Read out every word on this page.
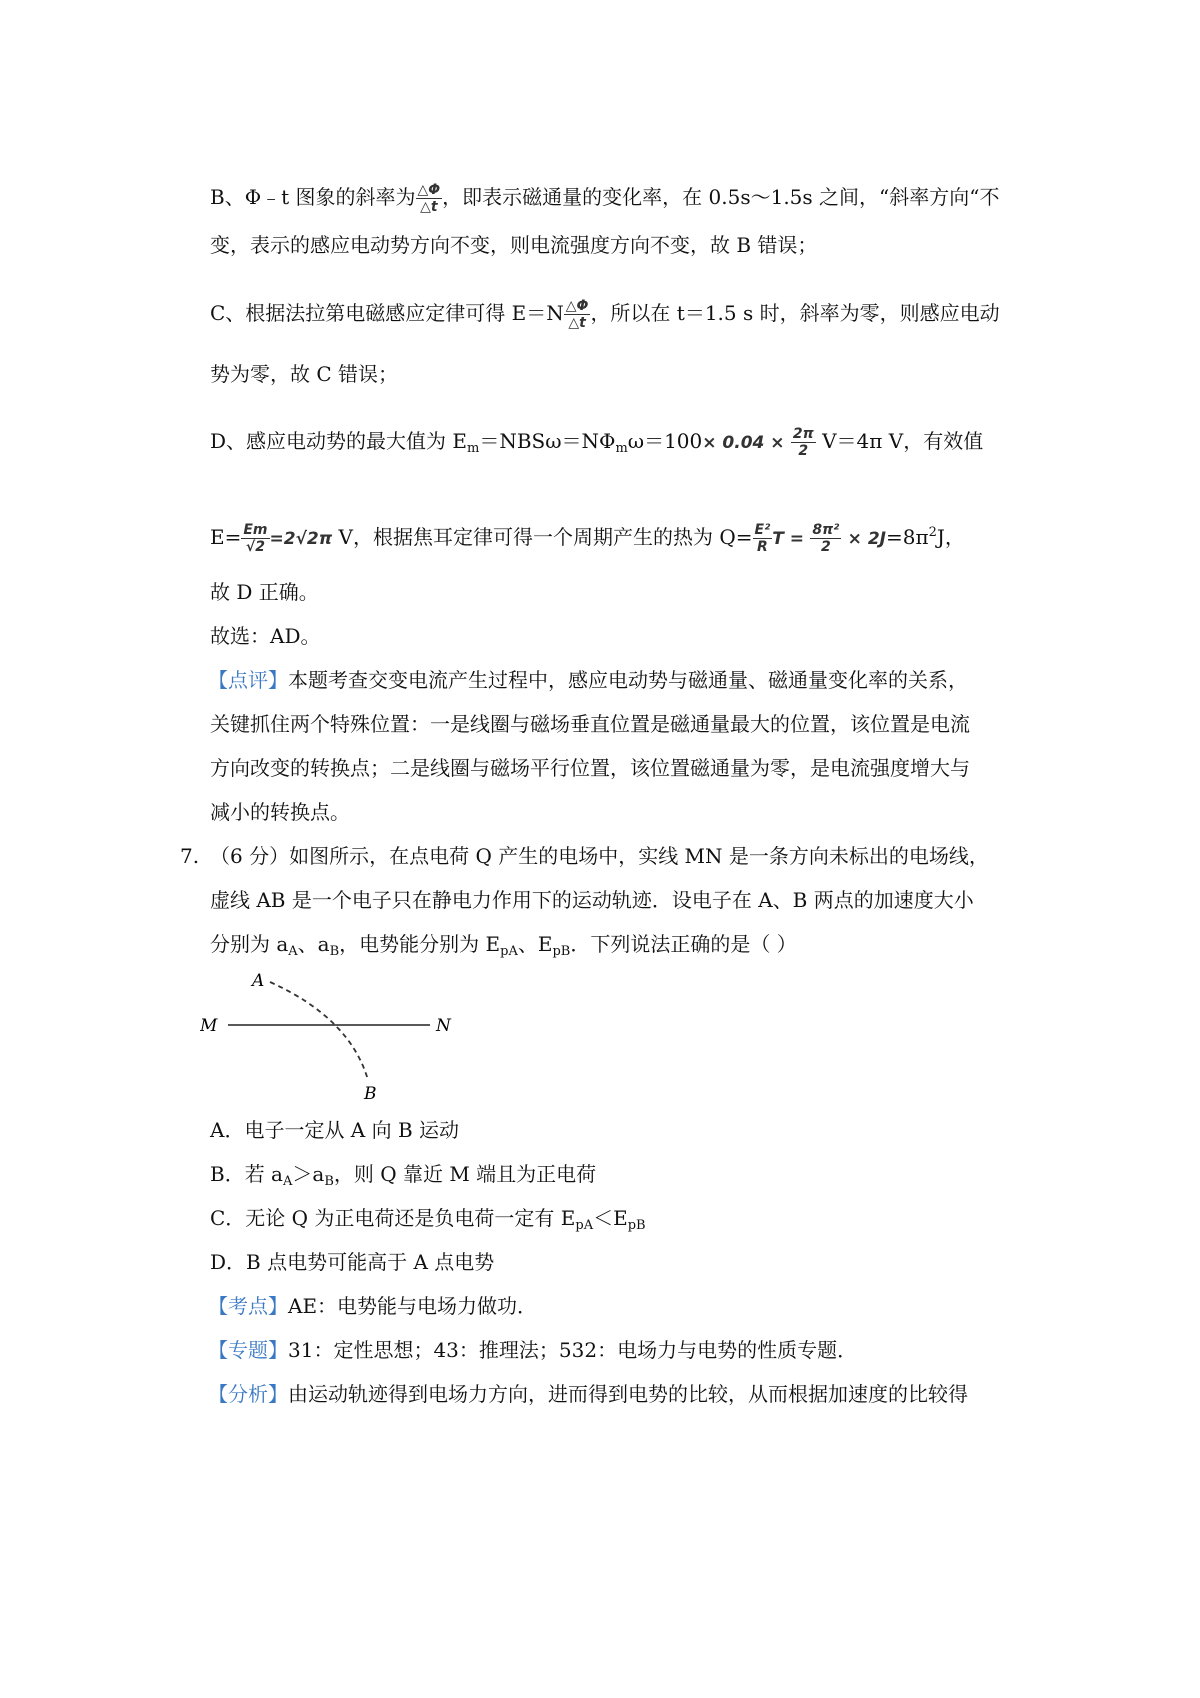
B、Φ﹣t 图象的斜率为 $\frac{\triangle\Phi}{\triangle t}$ ，即表示磁通量的变化率，在 0.5s～1.5s 之间，“斜率方向“不
变，表示的感应电动势方向不变，则电流强度方向不变，故 B 错误；
C、根据法拉第电磁感应定律可得 $E=N \frac{\triangle\Phi}{\triangle t}$ ，所以在 t＝1.5 s 时，斜率为零，则感应电动
势为零，故 C 错误；
D、感应电动势的最大值为 $E_m=NBS\omega=N\Phi_m\omega=100\times 0.04 \times \frac{2\pi}{2} V=4\pi$ V，有效值
$E= \frac{Em}{√2} =2√2\pi$ V，根据焦耳定律可得一个周期产生的热为 $Q= \frac{\text{E²}}{R}$ $T = \frac{\text{8π²}}{2} \times 2J=8\pi^2J$，
故 D 正确。
故选：AD。
【点评】本题考查交变电流产生过程中，感应电动势与磁通量、磁通量变化率的关系，
关键抓住两个特殊位置：一是线圈与磁场垂直位置是磁通量最大的位置，该位置是电流
方向改变的转换点；二是线圈与磁场平行位置，该位置磁通量为零，是电流强度增大与
减小的转换点。
7. （6 分）如图所示，在点电荷 Q 产生的电场中，实线 MN 是一条方向未标出的电场线，
虚线 AB 是一个电子只在静电力作用下的运动轨迹．设电子在 A、B 两点的加速度大小
分别为 $a_A$、$a_B$，电势能分别为 $E_{pA}$、$E_{pB}$．下列说法正确的是（ ）
A
M	N
B
A．电子一定从 A 向 B 运动
B．若 $a_A>a_B$，则 Q 靠近 M 端且为正电荷
C．无论 Q 为正电荷还是负电荷一定有 $E_{pA}<E_{pB}$
D．B 点电势可能高于 A 点电势
【考点】AE：电势能与电场力做功．
【专题】31：定性思想；43：推理法；532：电场力与电势的性质专题．
【分析】由运动轨迹得到电场力方向，进而得到电势的比较，从而根据加速度的比较得
